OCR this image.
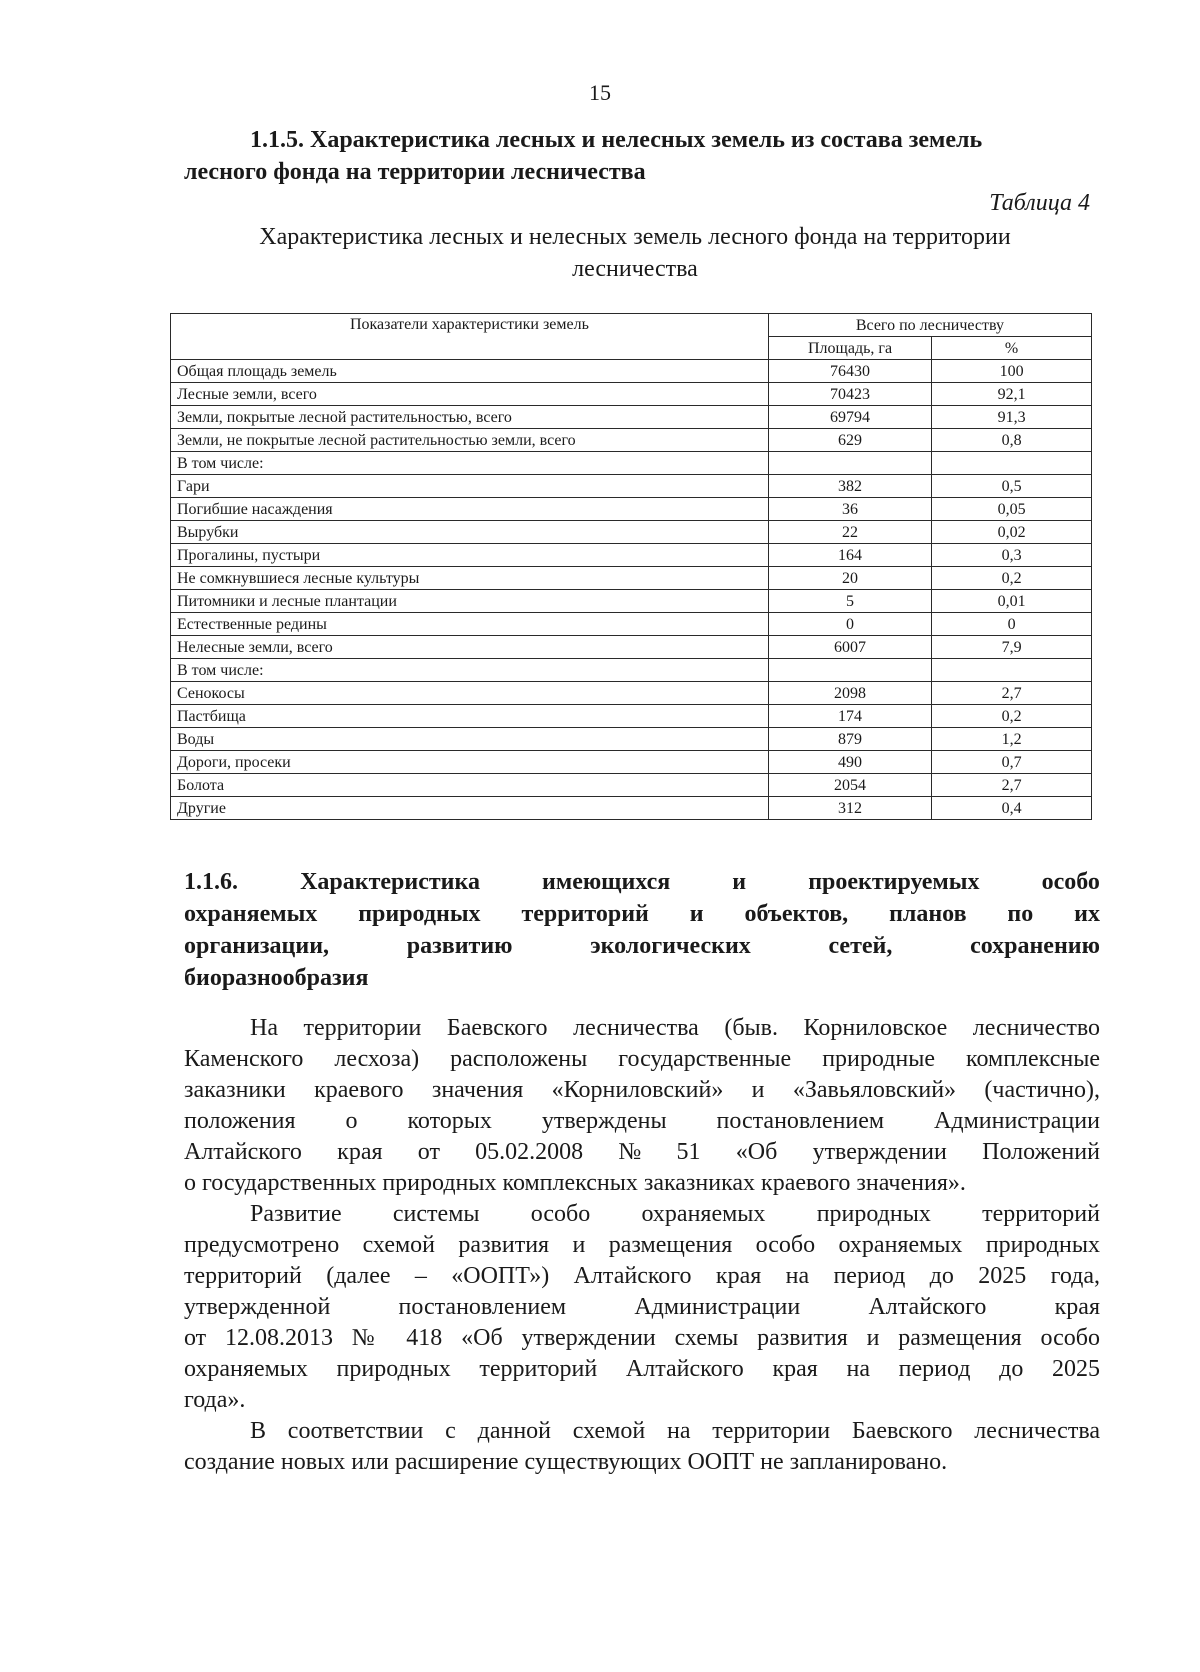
15
1.1.5. Характеристика лесных и нелесных земель из состава земель
лесного фонда на территории лесничества
Таблица 4
Характеристика лесных и нелесных земель лесного фонда на территории
лесничества
Показатели характеристики земель	Всего по лесничеству	
	Площадь, га	%
Общая площадь земель	76430	100
Лесные земли, всего	70423	92,1
Земли, покрытые лесной растительностью, всего	69794	91,3
Земли, не покрытые лесной растительностью земли, всего	629	0,8
В том числе:		
Гари	382	0,5
Погибшие насаждения	36	0,05
Вырубки	22	0,02
Прогалины, пустыри	164	0,3
Не сомкнувшиеся лесные культуры	20	0,2
Питомники и лесные плантации	5	0,01
Естественные редины	0	0
Нелесные земли, всего	6007	7,9
В том числе:		
Сенокосы	2098	2,7
Пастбища	174	0,2
Воды	879	1,2
Дороги, просеки	490	0,7
Болота	2054	2,7
Другие	312	0,4
1.1.6.	Характеристика	имеющихся	и	проектируемых	особо
охраняемых природных территорий и объектов, планов по их
организации,	развитию	экологических	сетей,	сохранению
биоразнообразия
На территории Баевского лесничества (быв. Корниловское лесничество
Каменского лесхоза) расположены государственные природные комплексные
заказники краевого значения «Корниловский» и «Завьяловский» (частично),
положения о которых утверждены постановлением Администрации
Алтайского края от 05.02.2008 № 51 «Об утверждении Положений
о государственных природных комплексных заказниках краевого значения».
Развитие системы особо охраняемых природных территорий
предусмотрено схемой развития и размещения особо охраняемых природных
территорий (далее – «ООПТ») Алтайского края на период до 2025 года,
утвержденной	постановлением	Администрации	Алтайского	края
от 12.08.2013 № 418 «Об утверждении схемы развития и размещения особо
охраняемых природных территорий Алтайского края на период до 2025
года».
В соответствии с данной схемой на территории Баевского лесничества
создание новых или расширение существующих ООПТ не запланировано.
